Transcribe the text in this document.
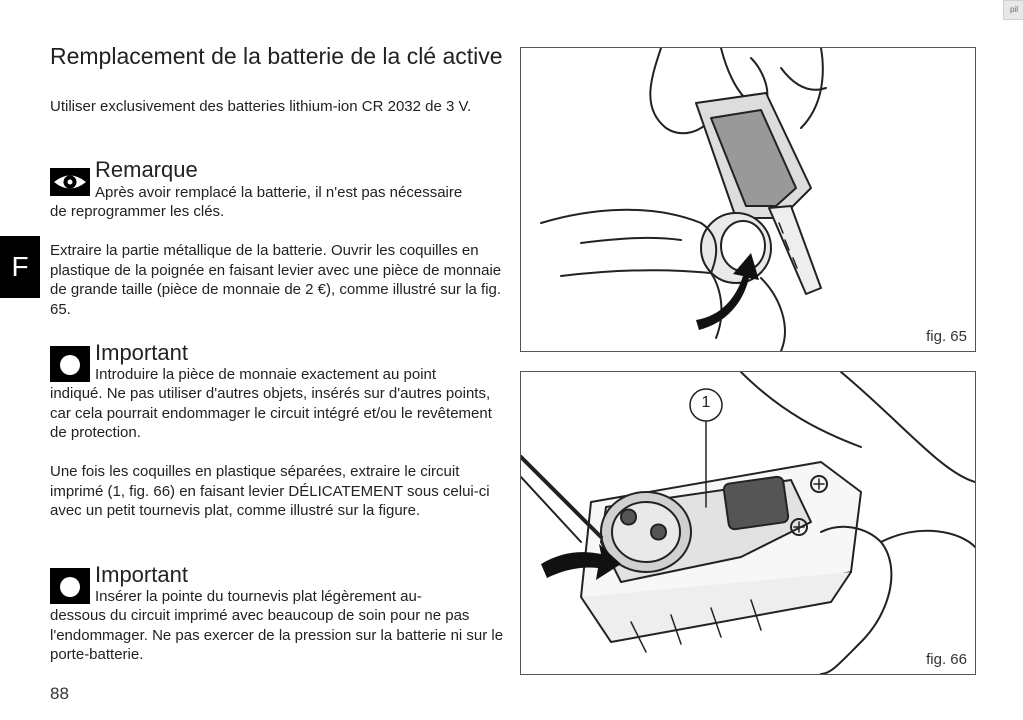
Remplacement de la batterie de la clé active
Utiliser exclusivement des batteries lithium-ion CR 2032 de 3 V.
Remarque
Après avoir remplacé la batterie, il n'est pas nécessaire
de reprogrammer les clés.
F
Extraire la partie métallique de la batterie. Ouvrir les coquilles en plastique de la poignée en faisant levier avec une pièce de monnaie de grande taille (pièce de monnaie de 2 €), comme illustré sur la fig. 65.
Important
Introduire la pièce de monnaie exactement au point
indiqué. Ne pas utiliser d'autres objets, insérés sur d'autres points, car cela pourrait endommager le circuit intégré et/ou le revêtement de protection.
Une fois les coquilles en plastique séparées, extraire le circuit imprimé (1, fig. 66) en faisant levier DÉLICATEMENT sous celui-ci avec un petit tournevis plat, comme illustré sur la figure.
Important
Insérer la pointe du tournevis plat légèrement au-
dessous du circuit imprimé avec beaucoup de soin pour ne pas l'endommager. Ne pas exercer de la pression sur la batterie ni sur le porte-batterie.
88
fig. 65
1
fig. 66
pil
